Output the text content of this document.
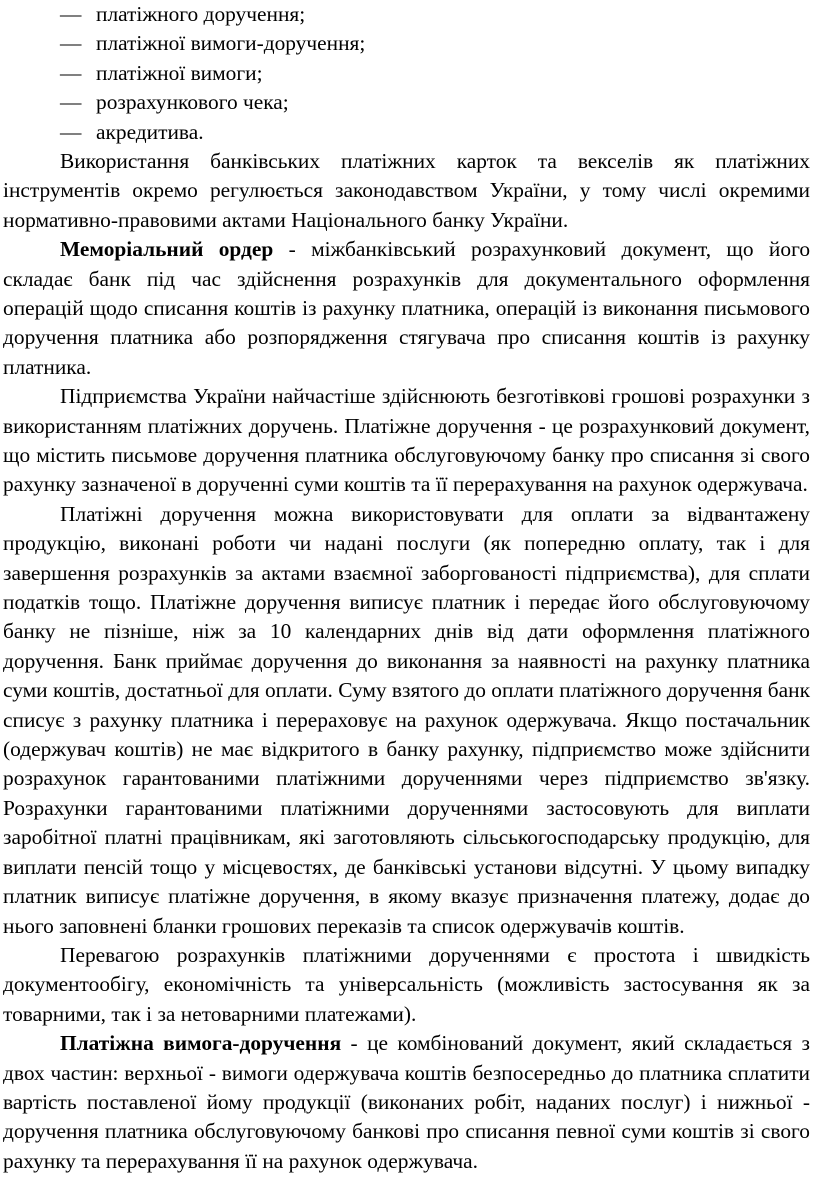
— платіжного доручення;
— платіжної вимоги-доручення;
— платіжної вимоги;
— розрахункового чека;
— акредитива.

Використання банківських платіжних карток та векселів як платіжних інструментів окремо регулюється законодавством України, у тому числі окремими нормативно-правовими актами Національного банку України.

Меморіальний ордер - міжбанківський розрахунковий документ, що його складає банк під час здійснення розрахунків для документального оформлення операцій щодо списання коштів із рахунку платника, операцій із виконання письмового доручення платника або розпорядження стягувача про списання коштів із рахунку платника.

Підприємства України найчастіше здійснюють безготівкові грошові розрахунки з використанням платіжних доручень. Платіжне доручення - це розрахунковий документ, що містить письмове доручення платника обслуговуючому банку про списання зі свого рахунку зазначеної в дорученні суми коштів та її перерахування на рахунок одержувача.

Платіжні доручення можна використовувати для оплати за відвантажену продукцію, виконані роботи чи надані послуги (як попередню оплату, так і для завершення розрахунків за актами взаємної заборгованості підприємства), для сплати податків тощо. Платіжне доручення виписує платник і передає його обслуговуючому банку не пізніше, ніж за 10 календарних днів від дати оформлення платіжного доручення. Банк приймає доручення до виконання за наявності на рахунку платника суми коштів, достатньої для оплати. Суму взятого до оплати платіжного доручення банк списує з рахунку платника і перераховує на рахунок одержувача. Якщо постачальник (одержувач коштів) не має відкритого в банку рахунку, підприємство може здійснити розрахунок гарантованими платіжними дорученнями через підприємство зв'язку. Розрахунки гарантованими платіжними дорученнями застосовують для виплати заробітної платні працівникам, які заготовляють сільськогосподарську продукцію, для виплати пенсій тощо у місцевостях, де банківські установи відсутні. У цьому випадку платник виписує платіжне доручення, в якому вказує призначення платежу, додає до нього заповнені бланки грошових переказів та список одержувачів коштів.

Перевагою розрахунків платіжними дорученнями є простота і швидкість документообігу, економічність та універсальність (можливість застосування як за товарними, так і за нетоварними платежами).

Платіжна вимога-доручення - це комбінований документ, який складається з двох частин: верхньої - вимоги одержувача коштів безпосередньо до платника сплатити вартість поставленої йому продукції (виконаних робіт, наданих послуг) і нижньої - доручення платника обслуговуючому банкові про списання певної суми коштів зі свого рахунку та перерахування її на рахунок одержувача.
